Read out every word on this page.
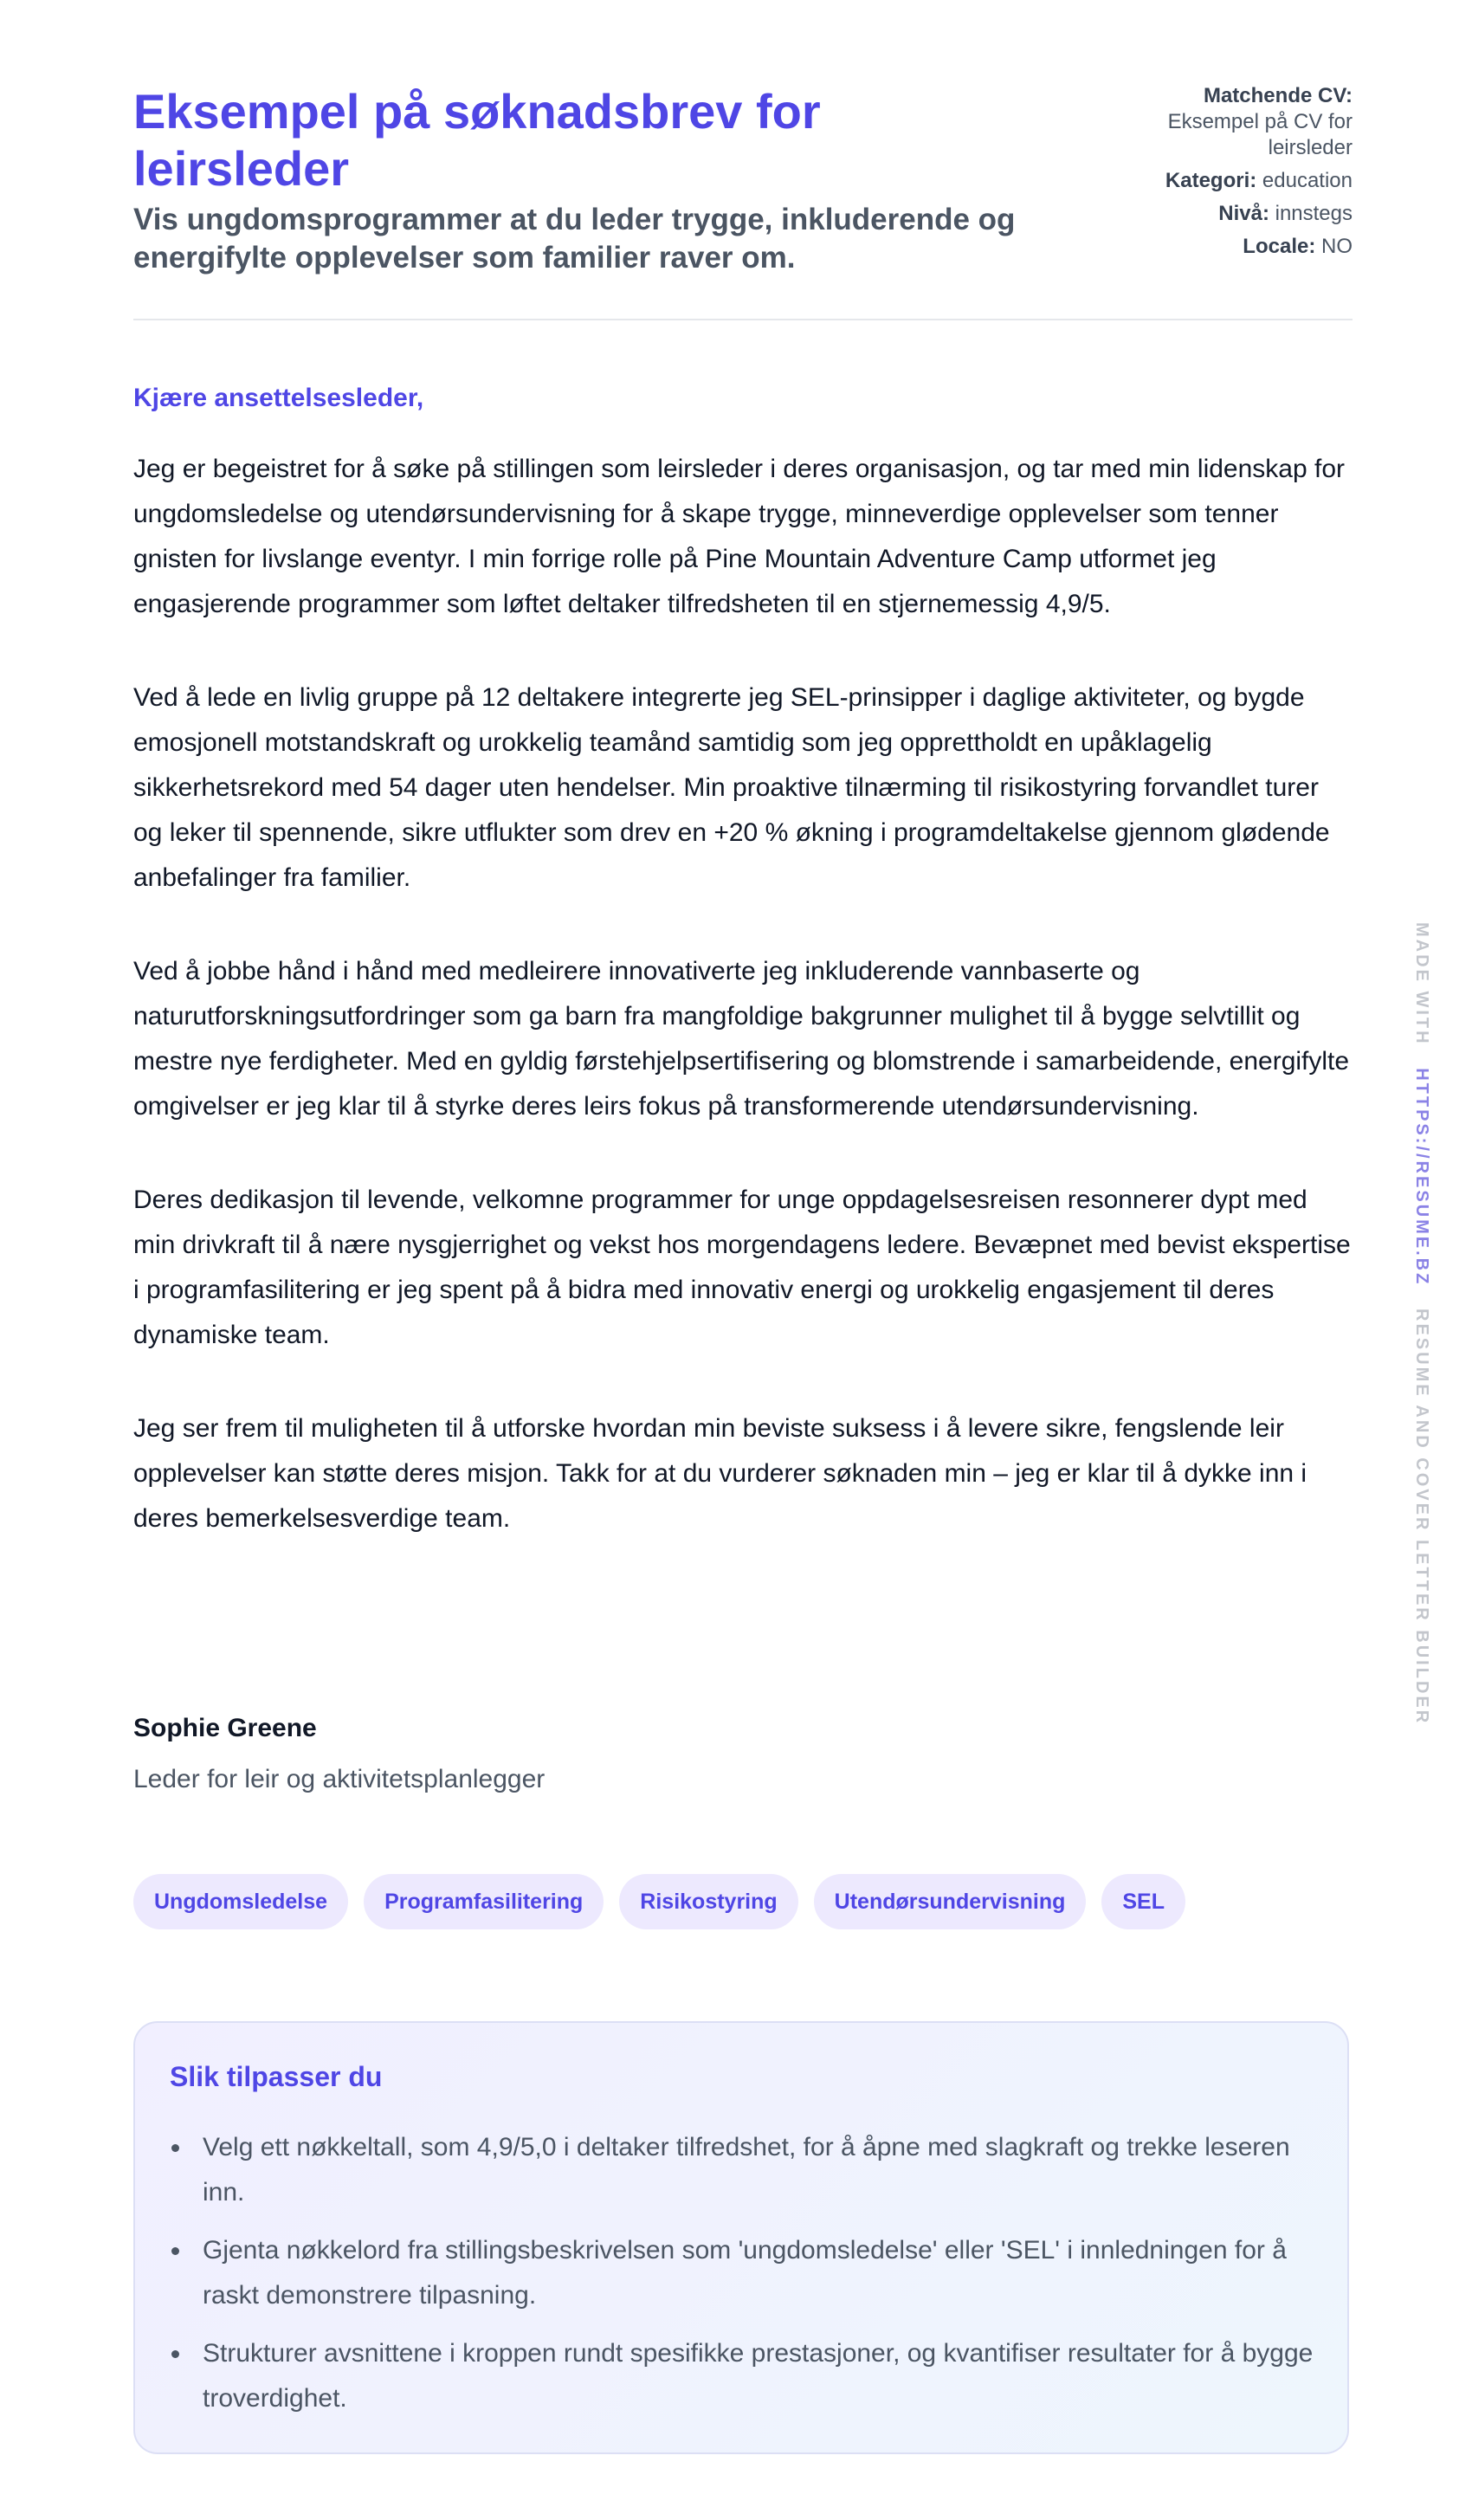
Eksempel på søknadsbrev for leirsleder

Vis ungdomsprogrammer at du leder trygge, inkluderende og energifylte opplevelser som familier raver om.

Matchende CV:
Eksempel på CV for leirsleder
Kategori: education
Nivå: innstegs
Locale: NO

Kjære ansettelsesleder,

Jeg er begeistret for å søke på stillingen som leirsleder i deres organisasjon, og tar med min lidenskap for ungdomsledelse og utendørsundervisning for å skape trygge, minneverdige opplevelser som tenner gnisten for livslange eventyr. I min forrige rolle på Pine Mountain Adventure Camp utformet jeg engasjerende programmer som løftet deltaker tilfredsheten til en stjernemessig 4,9/5.

Ved å lede en livlig gruppe på 12 deltakere integrerte jeg SEL-prinsipper i daglige aktiviteter, og bygde emosjonell motstandskraft og urokkelig teamånd samtidig som jeg opprettholdt en upåklagelig sikkerhetsrekord med 54 dager uten hendelser. Min proaktive tilnærming til risikostyring forvandlet turer og leker til spennende, sikre utflukter som drev en +20 % økning i programdeltakelse gjennom glødende anbefalinger fra familier.

Ved å jobbe hånd i hånd med medleirere innovativerte jeg inkluderende vannbaserte og naturutforskningsutfordringer som ga barn fra mangfoldige bakgrunner mulighet til å bygge selvtillit og mestre nye ferdigheter. Med en gyldig førstehjelpsertifisering og blomstrende i samarbeidende, energifylte omgivelser er jeg klar til å styrke deres leirs fokus på transformerende utendørsundervisning.

Deres dedikasjon til levende, velkomne programmer for unge oppdagelsesreisen resonnerer dypt med min drivkraft til å nære nysgjerrighet og vekst hos morgendagens ledere. Bevæpnet med bevist ekspertise i programfasilitering er jeg spent på å bidra med innovativ energi og urokkelig engasjement til deres dynamiske team.

Jeg ser frem til muligheten til å utforske hvordan min beviste suksess i å levere sikre, fengslende leir opplevelser kan støtte deres misjon. Takk for at du vurderer søknaden min – jeg er klar til å dykke inn i deres bemerkelsesverdige team.

Sophie Greene

Leder for leir og aktivitetsplanlegger

Ungdomsledelse	Programfasilitering	Risikostyring	Utendørsundervisning	SEL
Slik tilpasser du
Velg ett nøkkeltall, som 4,9/5,0 i deltaker tilfredshet, for å åpne med slagkraft og trekke leseren inn.
Gjenta nøkkelord fra stillingsbeskrivelsen som 'ungdomsledelse' eller 'SEL' i innledningen for å raskt demonstrere tilpasning.
Strukturer avsnittene i kroppen rundt spesifikke prestasjoner, og kvantifiser resultater for å bygge troverdighet.
MADE WITH   HTTPS://RESUME.BZ   RESUME AND COVER LETTER BUILDER
